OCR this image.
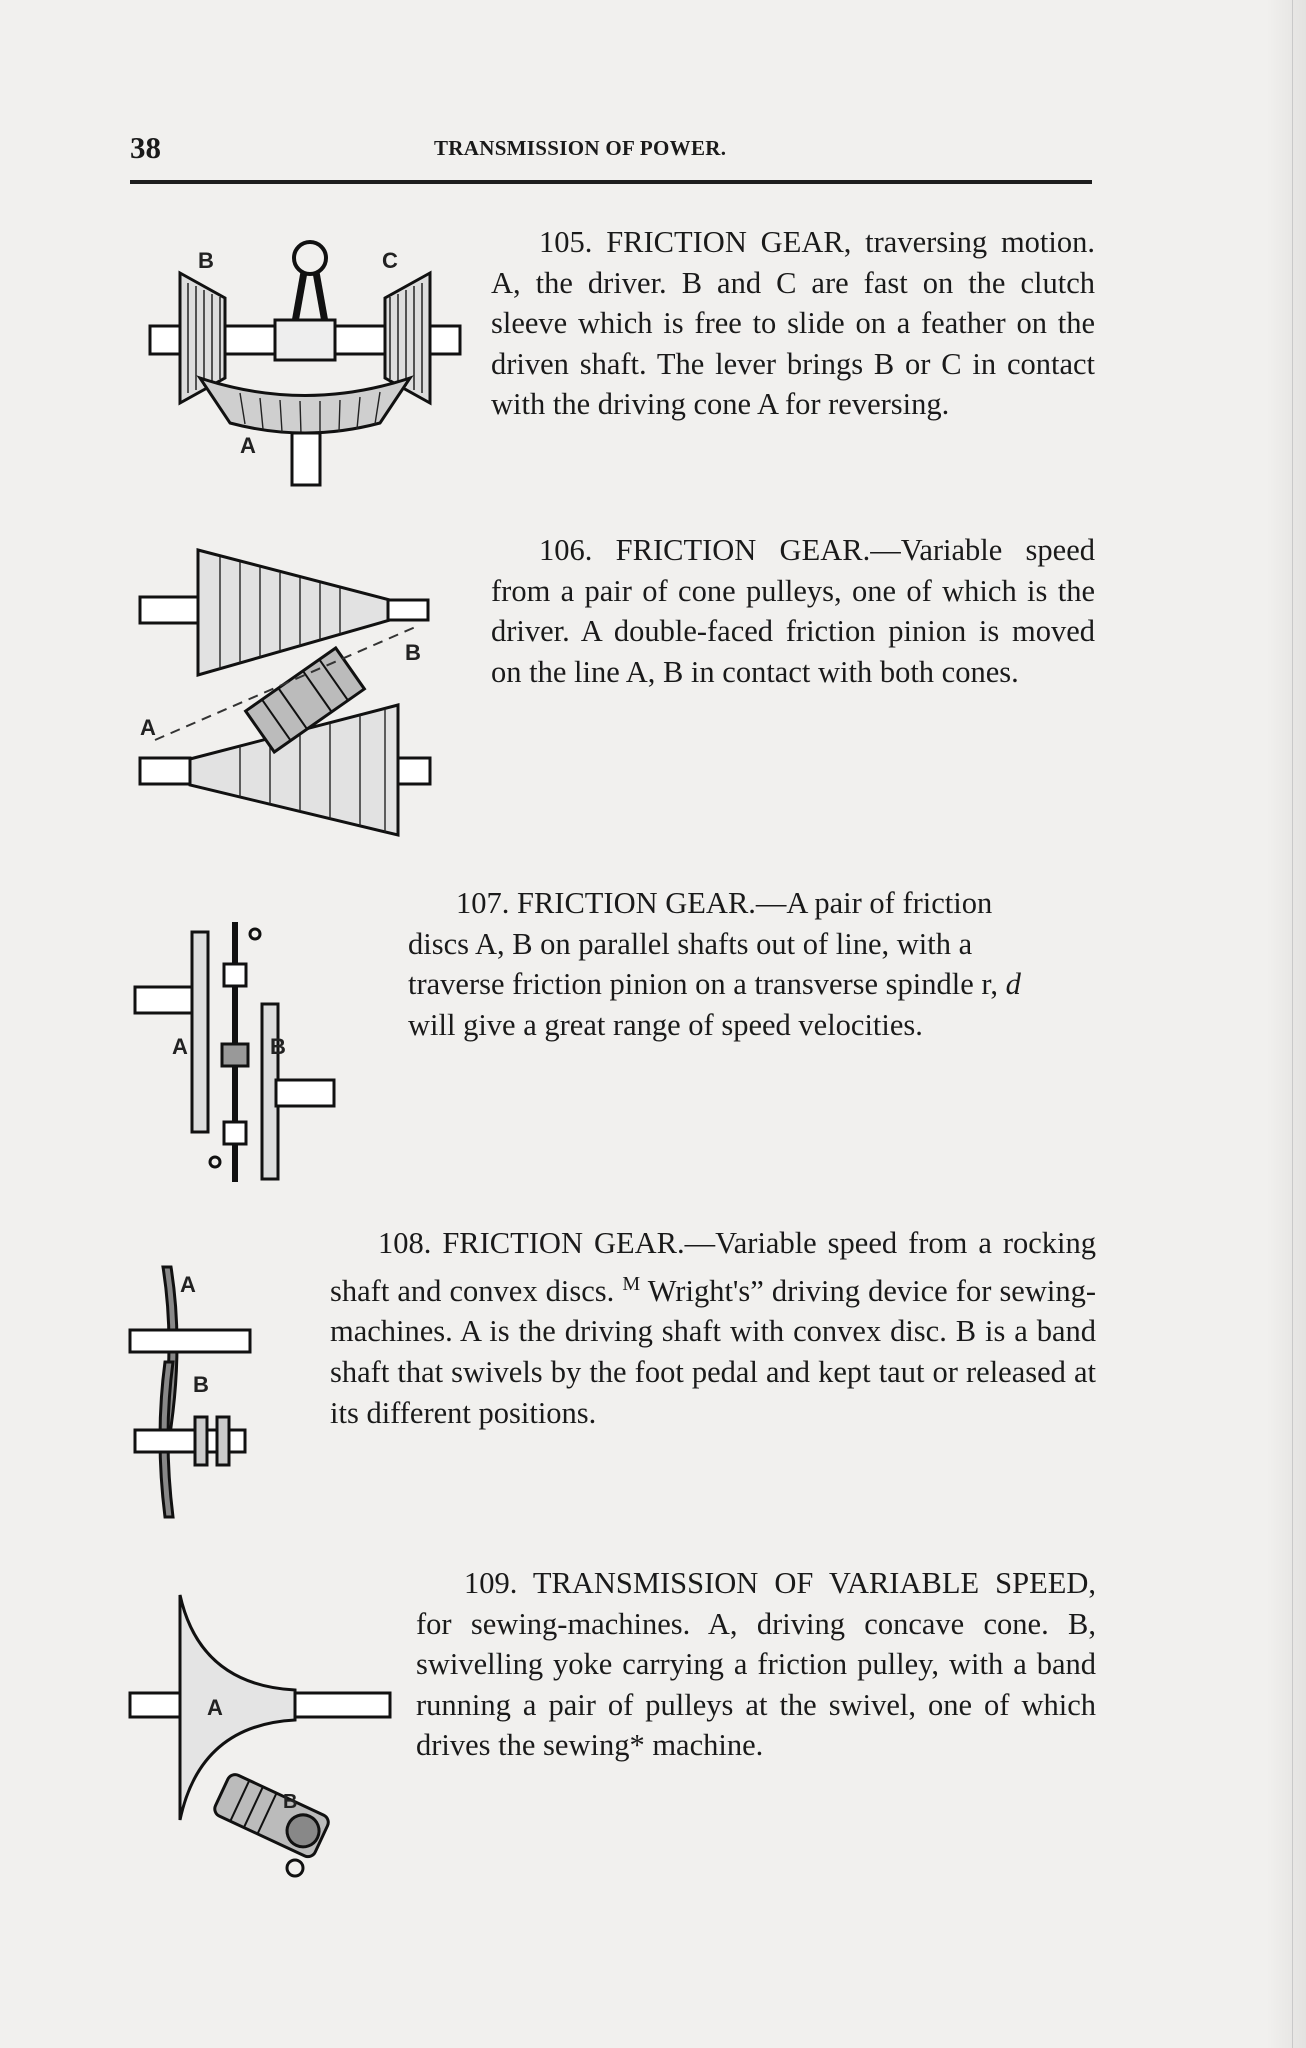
38	TRANSMISSION OF POWER.
B	C
A

105. FRICTION GEAR, traversing motion. A, the driver. B and C are fast on the clutch sleeve which is free to slide on a feather on the driven shaft. The lever brings B or C in contact with the driving cone A for reversing.

B
A

106. FRICTION GEAR.—Variable speed from a pair of cone pulleys, one of which is the driver. A double-faced friction pinion is moved on the line A, B in contact with both cones.

A	B

107. FRICTION GEAR.—A pair of friction discs A, B on parallel shafts out of line, with a traverse friction pinion on a transverse spindle r, d will give a great range of speed velocities.

A
B

108. FRICTION GEAR.—Variable speed from a rocking shaft and convex discs. $^M$ Wright's” driving device for sewing-machines. A is the driving shaft with convex disc. B is a band shaft that swivels by the foot pedal and kept taut or released at its different positions.

A
B

109. TRANSMISSION OF VARIABLE SPEED, for sewing-machines. A, driving concave cone. B, swivelling yoke carrying a friction pulley, with a band running a pair of pulleys at the swivel, one of which drives the sewing* machine.
